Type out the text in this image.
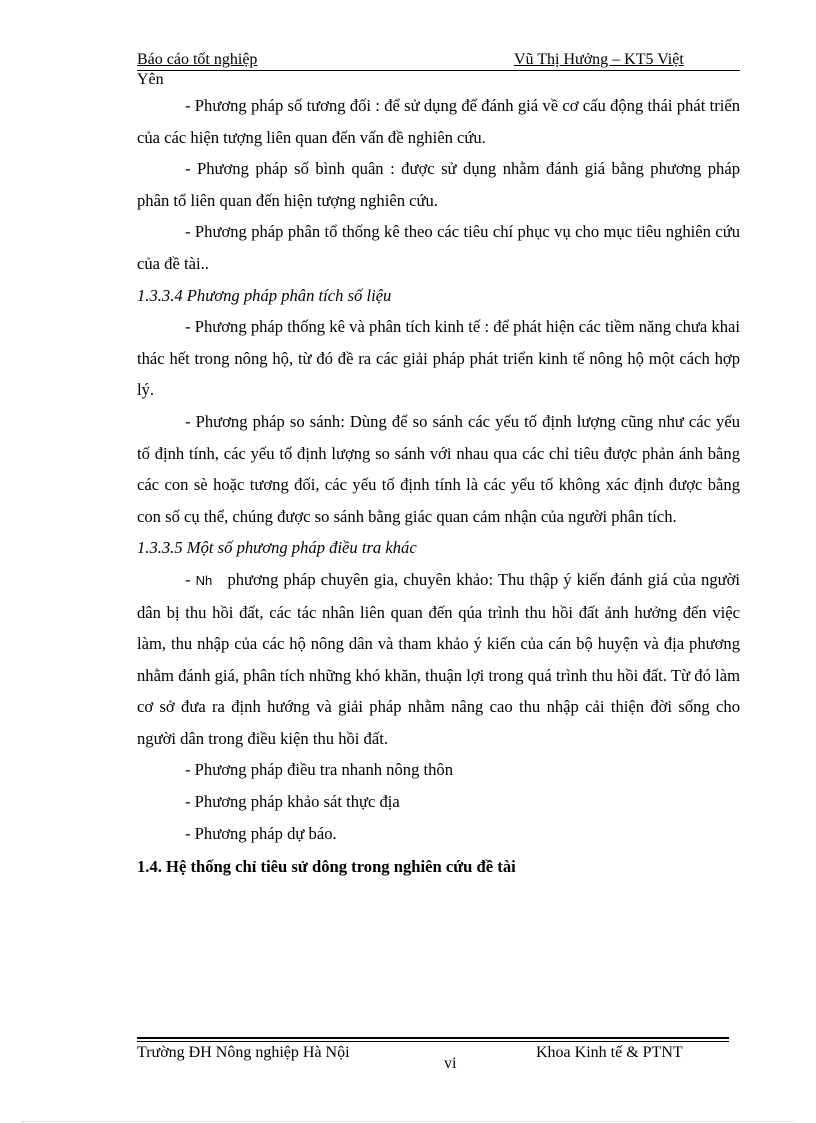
Báo cáo tốt nghiệp	Vũ Thị Hưởng – KT5 Việt
Yên

- Phương pháp số tương đối : để sử dụng để đánh giá về cơ cấu động thái phát triển của các hiện tượng liên quan đến vấn đề nghiên cứu.

- Phương pháp số bình quân : được sử dụng nhằm đánh giá bằng phương pháp phân tổ liên quan đến hiện tượng nghiên cứu.

- Phương pháp phân tổ thống kê theo các tiêu chí phục vụ cho mục tiêu nghiên cứu của đề tài..

1.3.3.4 Phương pháp phân tích số liệu

- Phương pháp thống kê và phân tích kinh tế : để phát hiện các tiềm năng chưa khai thác hết trong nông hộ, từ đó đề ra các giải pháp phát triển kinh tế nông hộ một cách hợp lý.

- Phương pháp so sánh: Dùng để so sánh các yếu tố định lượng cũng như các yếu tố định tính, các yếu tố định lượng so sánh với nhau qua các chỉ tiêu được phản ánh bằng các con sè hoặc tương đối, các yếu tố định tính là các yếu tố không xác định được bằng con số cụ thể, chúng được so sánh bằng giác quan cảm nhận của người phân tích.

1.3.3.5 Một số phương pháp điều tra khác

- Nh phương pháp chuyên gia, chuyên khảo: Thu thập ý kiến đánh giá của người dân bị thu hồi đất, các tác nhân liên quan đến qúa trình thu hồi đất ảnh hưởng đến việc làm, thu nhập của các hộ nông dân và tham khảo ý kiến của cán bộ huyện và địa phương nhằm đánh giá, phân tích những khó khăn, thuận lợi trong quá trình thu hồi đất. Từ đó làm cơ sở đưa ra định hướng và giải pháp nhằm nâng cao thu nhập cải thiện đời sống cho người dân trong điều kiện thu hồi đất.

- Phương pháp điều tra nhanh nông thôn

- Phương pháp khảo sát thực địa

- Phương pháp dự báo.

1.4. Hệ thống chỉ tiêu sử dông trong nghiên cứu đề tài

Trường ĐH Nông nghiệp Hà Nội	Khoa Kinh tế & PTNT
vi
